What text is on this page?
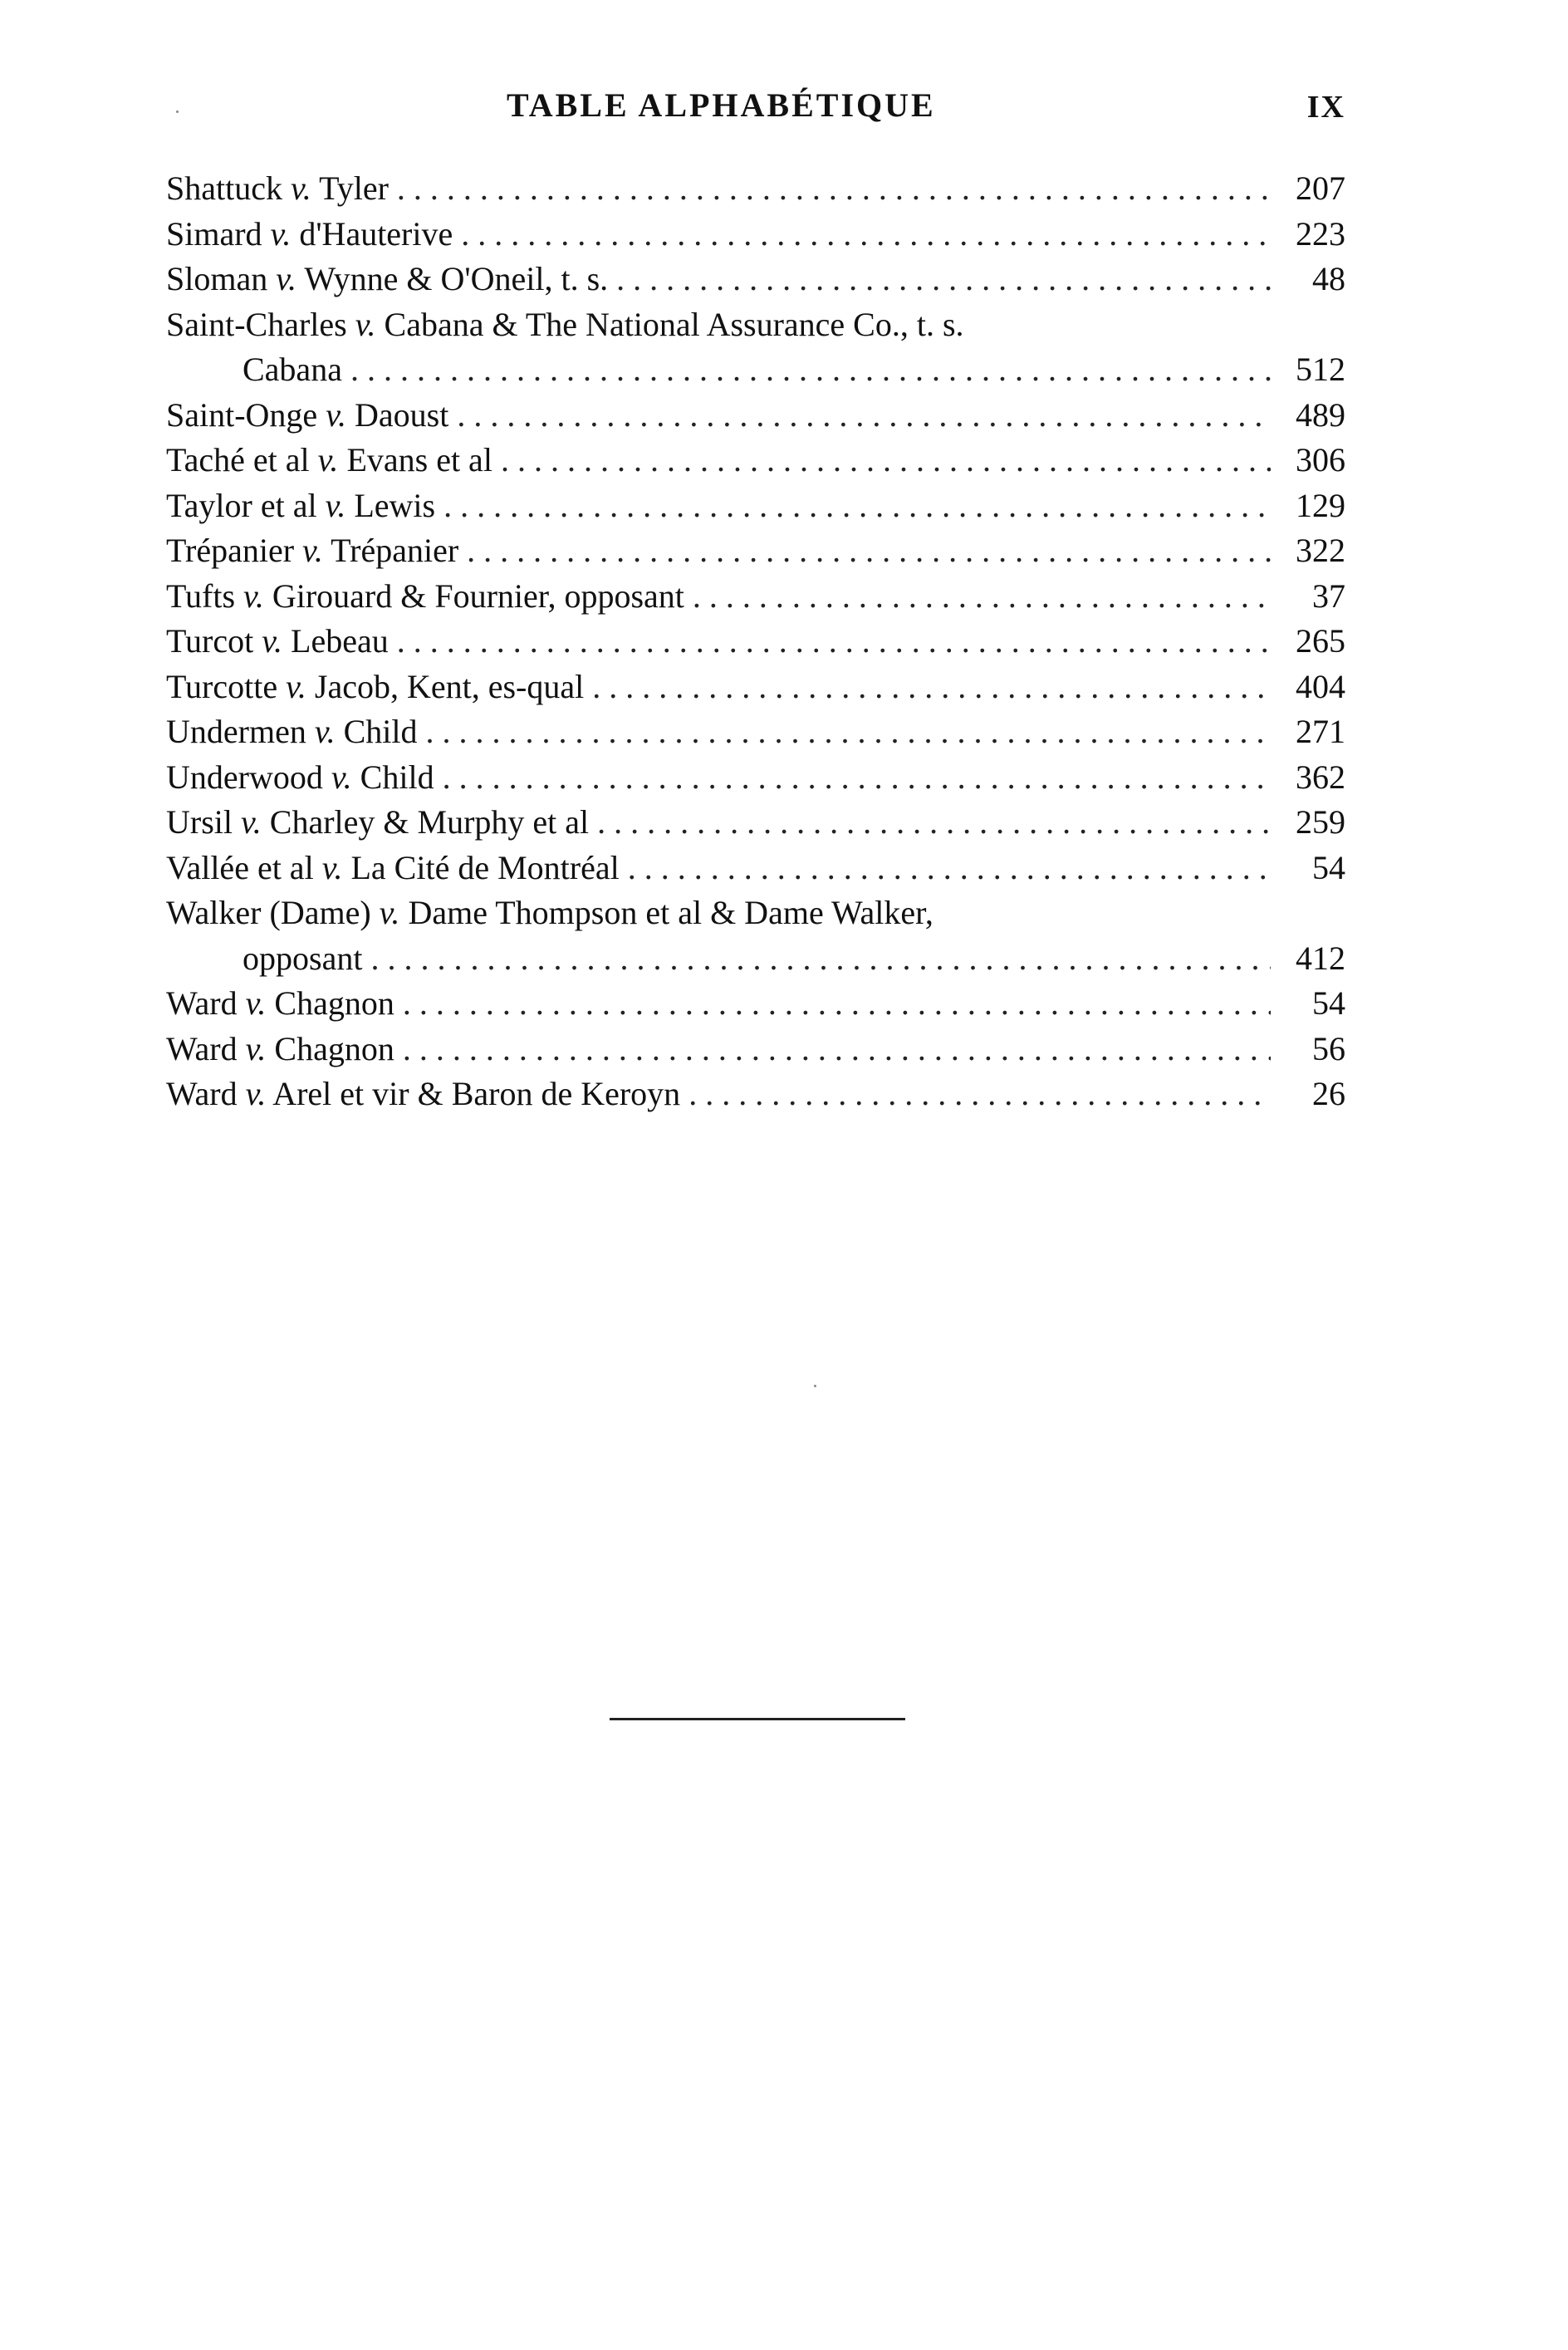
TABLE ALPHABÉTIQUE	IX
Shattuck v. Tyler . . .	207
Simard v. d'Hauterive . . .	223
Sloman v. Wynne & O'Oneil, t. s. . . .	48
Saint-Charles v. Cabana & The National Assurance Co., t. s.
Cabana . . .	512
Saint-Onge v. Daoust . . .	489
Taché et al v. Evans et al . . .	306
Taylor et al v. Lewis . . .	129
Trépanier v. Trépanier . . .	322
Tufts v. Girouard & Fournier, opposant . . .	37
Turcot v. Lebeau . . .	265
Turcotte v. Jacob, Kent, es-qual . . .	404
Undermen v. Child . . .	271
Underwood v. Child . . .	362
Ursil v. Charley & Murphy et al . . .	259
Vallée et al v. La Cité de Montréal . . .	54
Walker (Dame) v. Dame Thompson et al & Dame Walker,
opposant . . .	412
Ward v. Chagnon . . .	54
Ward v. Chagnon . . .	56
Ward v. Arel et vir & Baron de Keroyn . . .	26
